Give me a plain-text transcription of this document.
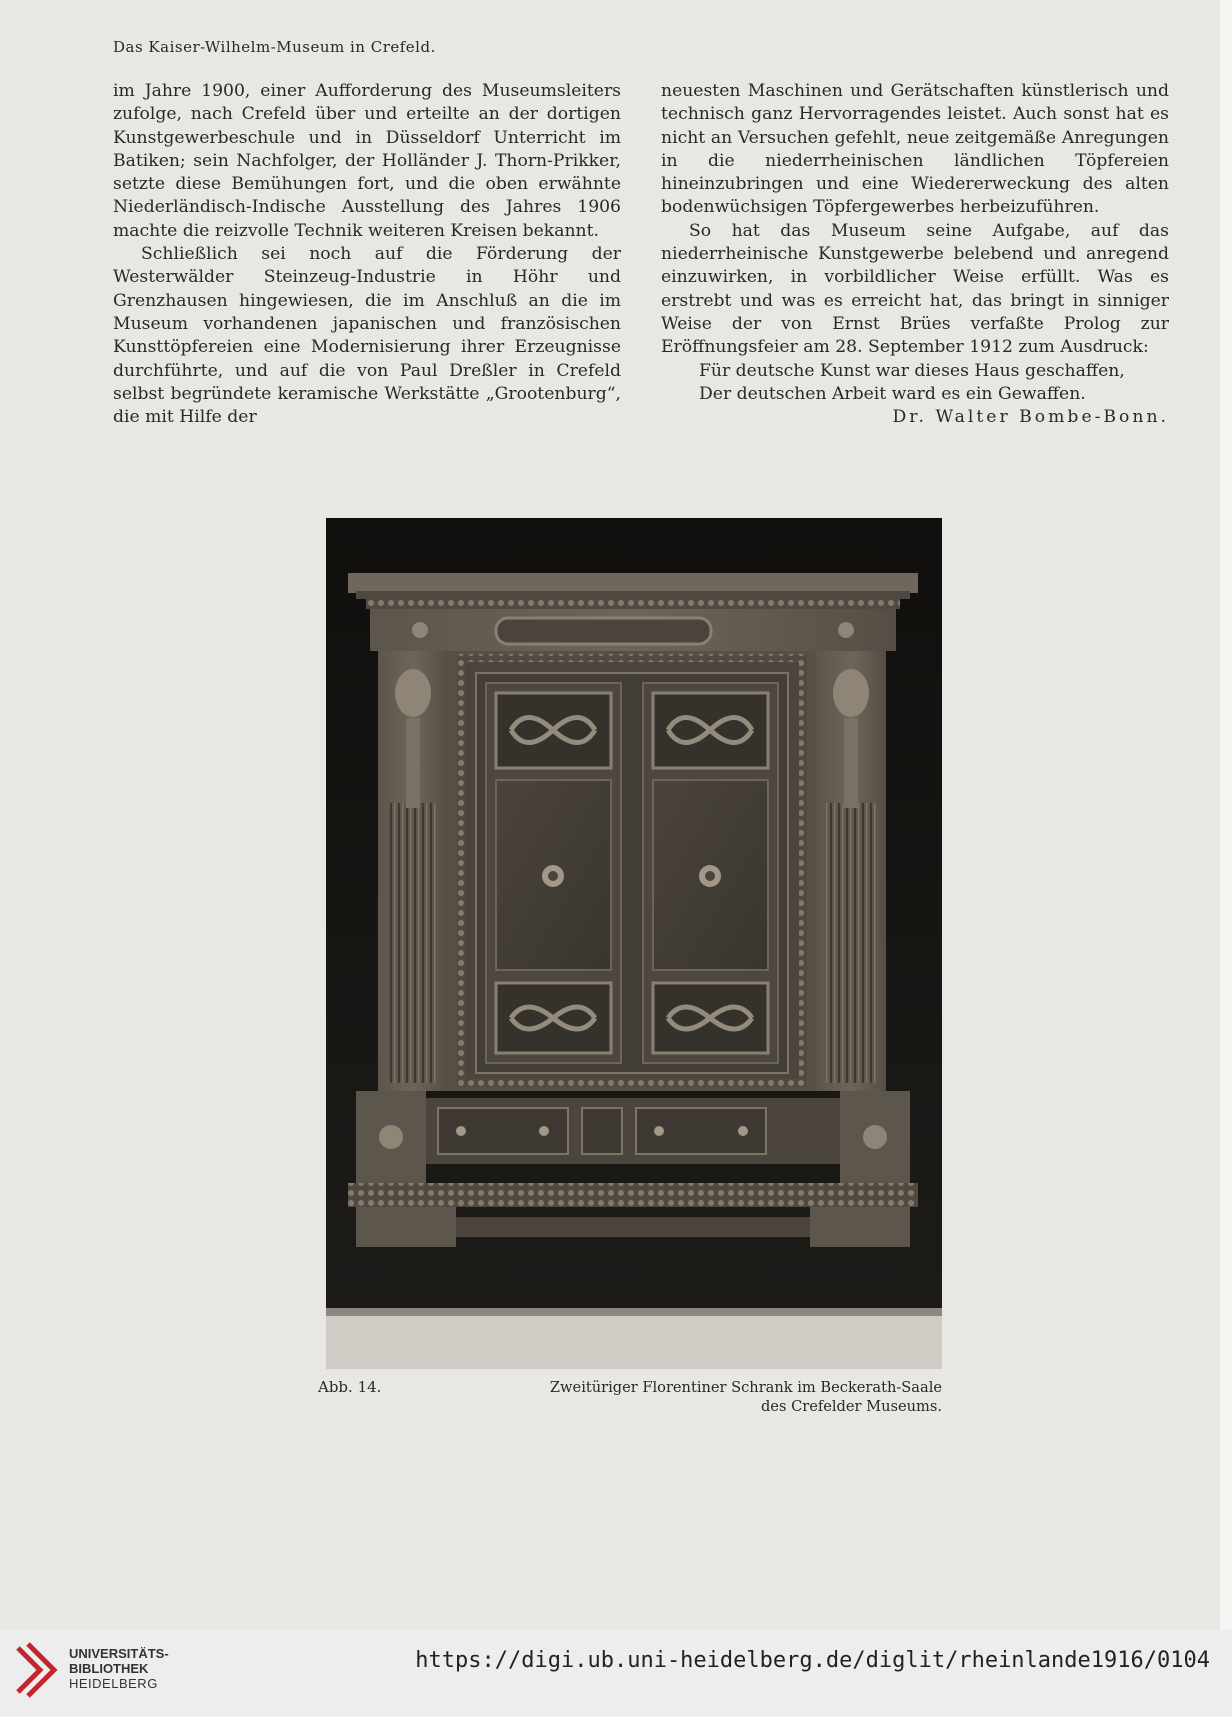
Das Kaiser-Wilhelm-Museum in Crefeld.

im Jahre 1900, einer Aufforderung des Museumsleiters zufolge, nach Crefeld über und erteilte an der dortigen Kunstgewerbeschule und in Düsseldorf Unterricht im Batiken; sein Nachfolger, der Holländer J. Thorn-Prikker, setzte diese Bemühungen fort, und die oben erwähnte Niederländisch-Indische Ausstellung des Jahres 1906 machte die reizvolle Technik weiteren Kreisen bekannt.

Schließlich sei noch auf die Förderung der Westerwälder Steinzeug-Industrie in Höhr und Grenzhausen hingewiesen, die im Anschluß an die im Museum vorhandenen japanischen und französischen Kunsttöpfereien eine Modernisierung ihrer Erzeugnisse durchführte, und auf die von Paul Dreßler in Crefeld selbst begründete keramische Werkstätte „Grootenburg“, die mit Hilfe der

neuesten Maschinen und Gerätschaften künstlerisch und technisch ganz Hervorragendes leistet. Auch sonst hat es nicht an Versuchen gefehlt, neue zeitgemäße Anregungen in die niederrheinischen ländlichen Töpfereien hineinzubringen und eine Wiedererweckung des alten bodenwüchsigen Töpfergewerbes herbeizuführen.

So hat das Museum seine Aufgabe, auf das niederrheinische Kunstgewerbe belebend und anregend einzuwirken, in vorbildlicher Weise erfüllt. Was es erstrebt und was es erreicht hat, das bringt in sinniger Weise der von Ernst Brües verfaßte Prolog zur Eröffnungsfeier am 28. September 1912 zum Ausdruck:

Für deutsche Kunst war dieses Haus geschaffen,

Der deutschen Arbeit ward es ein Gewaffen.

Dr. Walter Bombe-Bonn.

Abb. 14.	Zweitüriger Florentiner Schrank im Beckerath-Saale
des Crefelder Museums.
UNIVERSITÄTS-
BIBLIOTHEK
HEIDELBERG
https://digi.ub.uni-heidelberg.de/diglit/rheinlande1916/0104
